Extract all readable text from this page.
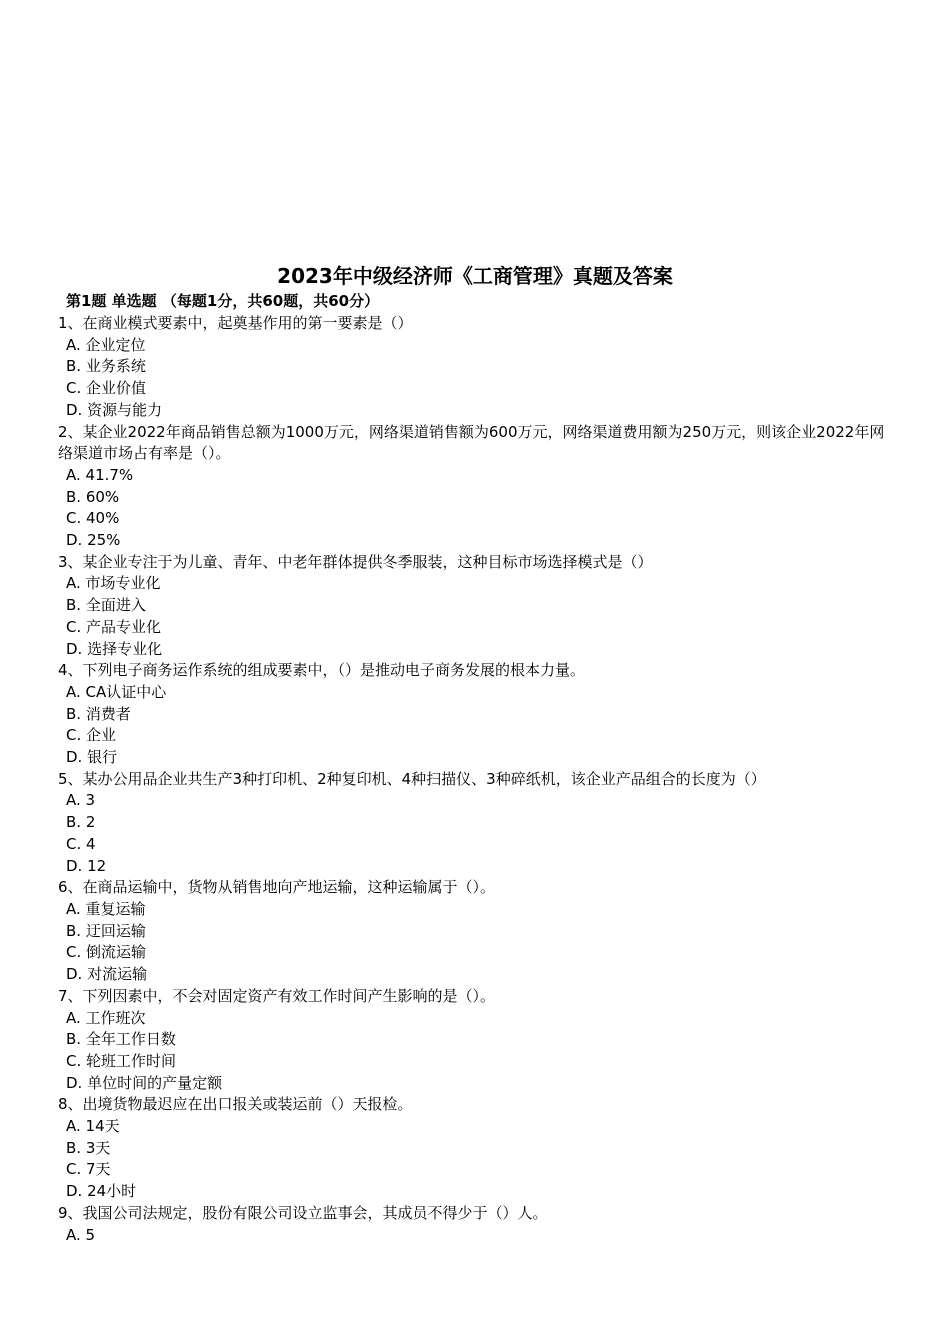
2023年中级经济师《工商管理》真题及答案
第1题 单选题 （每题1分，共60题，共60分）
1、在商业模式要素中，起奠基作用的第一要素是（）
A. 企业定位
B. 业务系统
C. 企业价值
D. 资源与能力
2、某企业2022年商品销售总额为1000万元，网络渠道销售额为600万元，网络渠道费用额为250万元，则该企业2022年网络渠道市场占有率是（）。
A. 41.7%
B. 60%
C. 40%
D. 25%
3、某企业专注于为儿童、青年、中老年群体提供冬季服装，这种目标市场选择模式是（）
A. 市场专业化
B. 全面进入
C. 产品专业化
D. 选择专业化
4、下列电子商务运作系统的组成要素中，（）是推动电子商务发展的根本力量。
A. CA认证中心
B. 消费者
C. 企业
D. 银行
5、某办公用品企业共生产3种打印机、2种复印机、4种扫描仪、3种碎纸机，该企业产品组合的长度为（）
A. 3
B. 2
C. 4
D. 12
6、在商品运输中，货物从销售地向产地运输，这种运输属于（）。
A. 重复运输
B. 迂回运输
C. 倒流运输
D. 对流运输
7、下列因素中，不会对固定资产有效工作时间产生影响的是（）。
A. 工作班次
B. 全年工作日数
C. 轮班工作时间
D. 单位时间的产量定额
8、出境货物最迟应在出口报关或装运前（）天报检。
A. 14天
B. 3天
C. 7天
D. 24小时
9、我国公司法规定，股份有限公司设立监事会，其成员不得少于（）人。
A. 5
